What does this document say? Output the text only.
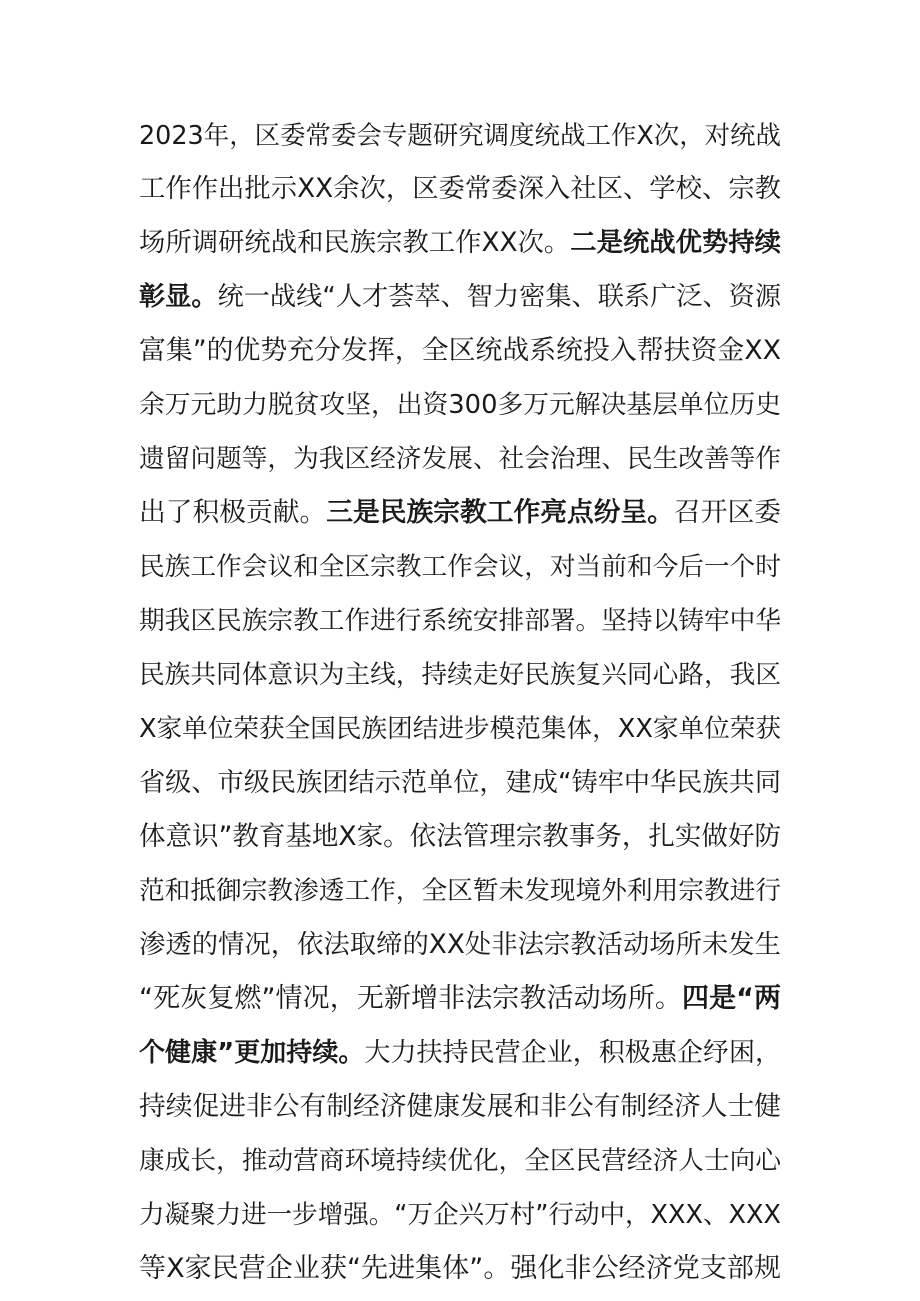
2023年，区委常委会专题研究调度统战工作X次，对统战
工作作出批示XX余次，区委常委深入社区、学校、宗教
场所调研统战和民族宗教工作XX次。二是统战优势持续
彰显。统一战线“人才荟萃、智力密集、联系广泛、资源
富集”的优势充分发挥，全区统战系统投入帮扶资金XX
余万元助力脱贫攻坚，出资300多万元解决基层单位历史
遗留问题等，为我区经济发展、社会治理、民生改善等作
出了积极贡献。三是民族宗教工作亮点纷呈。召开区委
民族工作会议和全区宗教工作会议，对当前和今后一个时
期我区民族宗教工作进行系统安排部署。坚持以铸牢中华
民族共同体意识为主线，持续走好民族复兴同心路，我区
X家单位荣获全国民族团结进步模范集体，XX家单位荣获
省级、市级民族团结示范单位，建成“铸牢中华民族共同
体意识”教育基地X家。依法管理宗教事务，扎实做好防
范和抵御宗教渗透工作，全区暂未发现境外利用宗教进行
渗透的情况，依法取缔的XX处非法宗教活动场所未发生
“死灰复燃”情况，无新增非法宗教活动场所。四是“两
个健康”更加持续。大力扶持民营企业，积极惠企纾困，
持续促进非公有制经济健康发展和非公有制经济人士健
康成长，推动营商环境持续优化，全区民营经济人士向心
力凝聚力进一步增强。“万企兴万村”行动中，XXX、XXX
等X家民营企业获“先进集体”。强化非公经济党支部规
